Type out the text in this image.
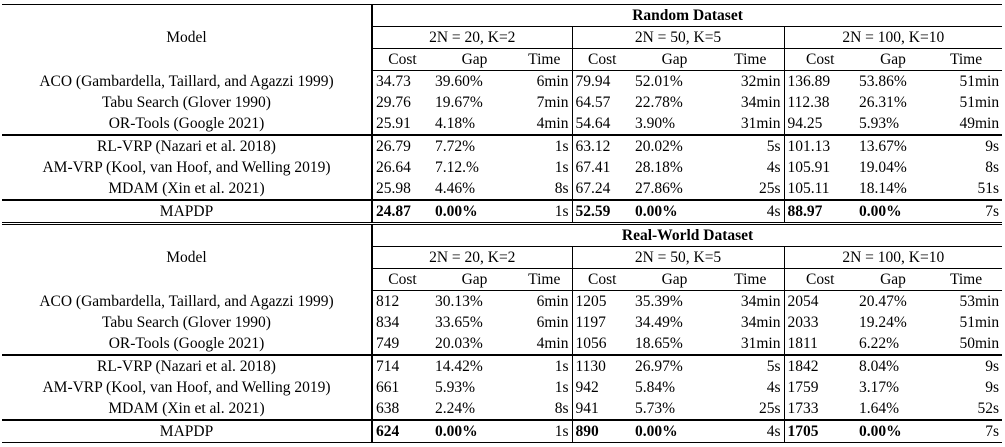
Model	Random Dataset								
	2N = 20, K=2			2N = 50, K=5			2N = 100, K=10		
	Cost	Gap	Time	Cost	Gap	Time	Cost	Gap	Time
ACO (Gambardella, Taillard, and Agazzi 1999)	34.73	39.60%	6min	79.94	52.01%	32min	136.89	53.86%	51min
Tabu Search (Glover 1990)	29.76	19.67%	7min	64.57	22.78%	34min	112.38	26.31%	51min
OR-Tools (Google 2021)	25.91	4.18%	4min	54.64	3.90%	31min	94.25	5.93%	49min
RL-VRP (Nazari et al. 2018)	26.79	7.72%	1s	63.12	20.02%	5s	101.13	13.67%	9s
AM-VRP (Kool, van Hoof, and Welling 2019)	26.64	7.12.%	1s	67.41	28.18%	4s	105.91	19.04%	8s
MDAM (Xin et al. 2021)	25.98	4.46%	8s	67.24	27.86%	25s	105.11	18.14%	51s
MAPDP	24.87	0.00%	1s	52.59	0.00%	4s	88.97	0.00%	7s
Model	Real-World Dataset								
	2N = 20, K=2			2N = 50, K=5			2N = 100, K=10		
	Cost	Gap	Time	Cost	Gap	Time	Cost	Gap	Time
ACO (Gambardella, Taillard, and Agazzi 1999)	812	30.13%	6min	1205	35.39%	34min	2054	20.47%	53min
Tabu Search (Glover 1990)	834	33.65%	6min	1197	34.49%	34min	2033	19.24%	51min
OR-Tools (Google 2021)	749	20.03%	4min	1056	18.65%	31min	1811	6.22%	50min
RL-VRP (Nazari et al. 2018)	714	14.42%	1s	1130	26.97%	5s	1842	8.04%	9s
AM-VRP (Kool, van Hoof, and Welling 2019)	661	5.93%	1s	942	5.84%	4s	1759	3.17%	9s
MDAM (Xin et al. 2021)	638	2.24%	8s	941	5.73%	25s	1733	1.64%	52s
MAPDP	624	0.00%	1s	890	0.00%	4s	1705	0.00%	7s
